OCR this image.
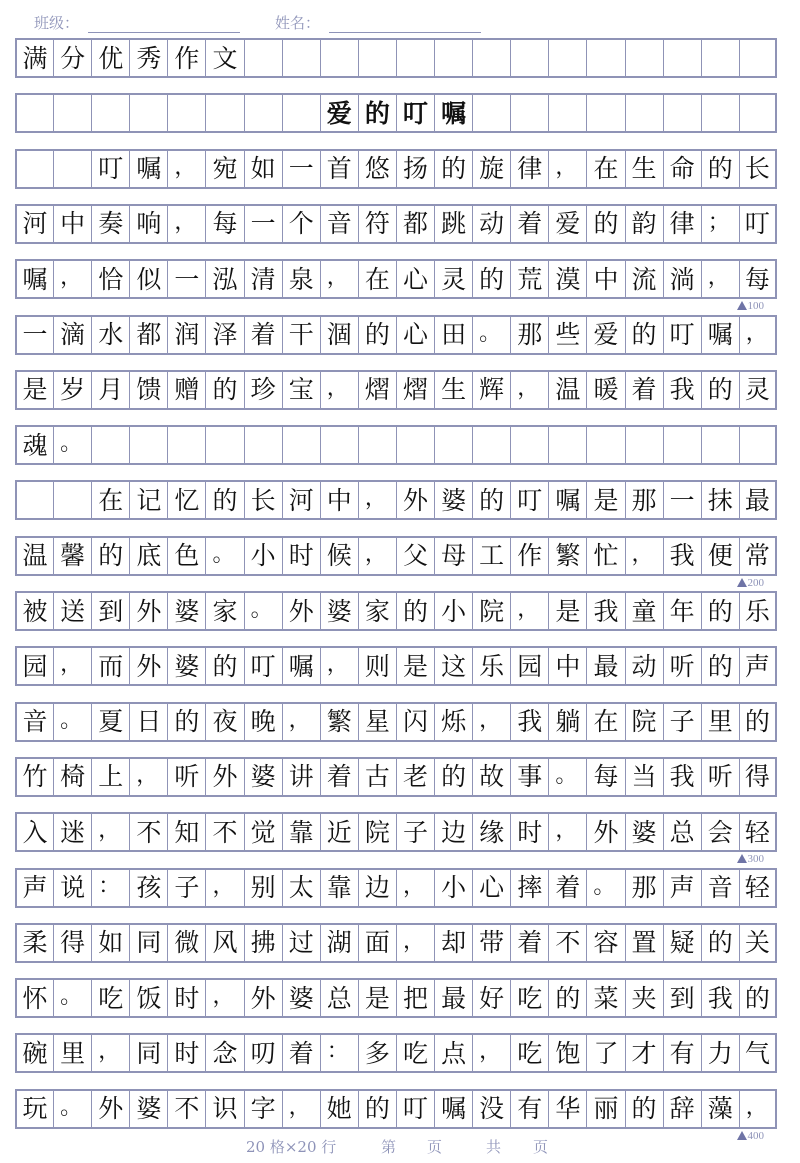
班级：	姓名：
满 分 优 秀 作 文
爱 的 叮 嘱
叮 嘱 ， 宛 如 一 首 悠 扬 的 旋 律 ， 在 生 命 的 长
河 中 奏 响 ， 每 一 个 音 符 都 跳 动 着 爱 的 韵 律 ； 叮
嘱 ， 恰 似 一 泓 清 泉 ， 在 心 灵 的 荒 漠 中 流 淌 ， 每
一 滴 水 都 润 泽 着 干 涸 的 心 田 。 那 些 爱 的 叮 嘱 ，
是 岁 月 馈 赠 的 珍 宝 ， 熠 熠 生 辉 ， 温 暖 着 我 的 灵
魂 。
在 记 忆 的 长 河 中 ， 外 婆 的 叮 嘱 是 那 一 抹 最
温 馨 的 底 色 。 小 时 候 ， 父 母 工 作 繁 忙 ， 我 便 常
被 送 到 外 婆 家 。 外 婆 家 的 小 院 ， 是 我 童 年 的 乐
园 ， 而 外 婆 的 叮 嘱 ， 则 是 这 乐 园 中 最 动 听 的 声
音 。 夏 日 的 夜 晚 ， 繁 星 闪 烁 ， 我 躺 在 院 子 里 的
竹 椅 上 ， 听 外 婆 讲 着 古 老 的 故 事 。 每 当 我 听 得
入 迷 ， 不 知 不 觉 靠 近 院 子 边 缘 时 ， 外 婆 总 会 轻
声 说 ： 孩 子 ， 别 太 靠 边 ， 小 心 摔 着 。 那 声 音 轻
柔 得 如 同 微 风 拂 过 湖 面 ， 却 带 着 不 容 置 疑 的 关
怀 。 吃 饭 时 ， 外 婆 总 是 把 最 好 吃 的 菜 夹 到 我 的
碗 里 ， 同 时 念 叨 着 ： 多 吃 点 ， 吃 饱 了 才 有 力 气
玩 。 外 婆 不 识 字 ， 她 的 叮 嘱 没 有 华 丽 的 辞 藻 ，
20 格×20 行	第 页	共 页
100
200
300
400
